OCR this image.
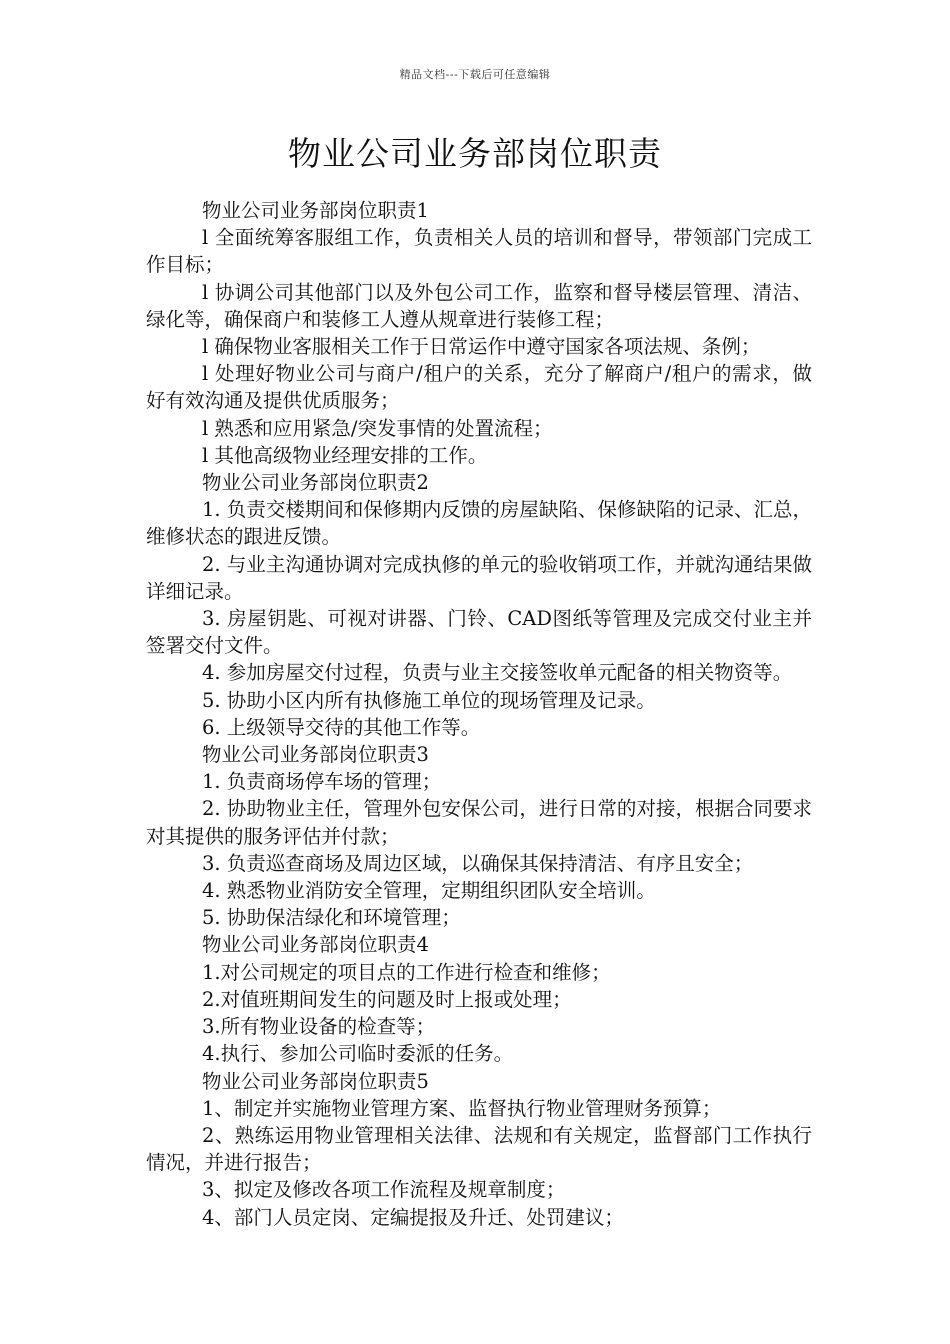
精品文档---下载后可任意编辑
物业公司业务部岗位职责

物业公司业务部岗位职责1

l 全面统筹客服组工作，负责相关人员的培训和督导，带领部门完成工作目标；

l 协调公司其他部门以及外包公司工作，监察和督导楼层管理、清洁、绿化等，确保商户和装修工人遵从规章进行装修工程；

l 确保物业客服相关工作于日常运作中遵守国家各项法规、条例；

l 处理好物业公司与商户/租户的关系，充分了解商户/租户的需求，做好有效沟通及提供优质服务；

l 熟悉和应用紧急/突发事情的处置流程；

l 其他高级物业经理安排的工作。

物业公司业务部岗位职责2

1. 负责交楼期间和保修期内反馈的房屋缺陷、保修缺陷的记录、汇总，维修状态的跟进反馈。

2. 与业主沟通协调对完成执修的单元的验收销项工作，并就沟通结果做详细记录。

3. 房屋钥匙、可视对讲器、门铃、CAD图纸等管理及完成交付业主并签署交付文件。

4. 参加房屋交付过程，负责与业主交接签收单元配备的相关物资等。

5. 协助小区内所有执修施工单位的现场管理及记录。

6. 上级领导交待的其他工作等。

物业公司业务部岗位职责3

1. 负责商场停车场的管理；

2. 协助物业主任，管理外包安保公司，进行日常的对接，根据合同要求对其提供的服务评估并付款；

3. 负责巡查商场及周边区域，以确保其保持清洁、有序且安全；

4. 熟悉物业消防安全管理，定期组织团队安全培训。

5. 协助保洁绿化和环境管理；

物业公司业务部岗位职责4

1.对公司规定的项目点的工作进行检查和维修；

2.对值班期间发生的问题及时上报或处理；

3.所有物业设备的检查等；

4.执行、参加公司临时委派的任务。

物业公司业务部岗位职责5

1、制定并实施物业管理方案、监督执行物业管理财务预算；

2、熟练运用物业管理相关法律、法规和有关规定，监督部门工作执行情况，并进行报告；

3、拟定及修改各项工作流程及规章制度；

4、部门人员定岗、定编提报及升迁、处罚建议；
